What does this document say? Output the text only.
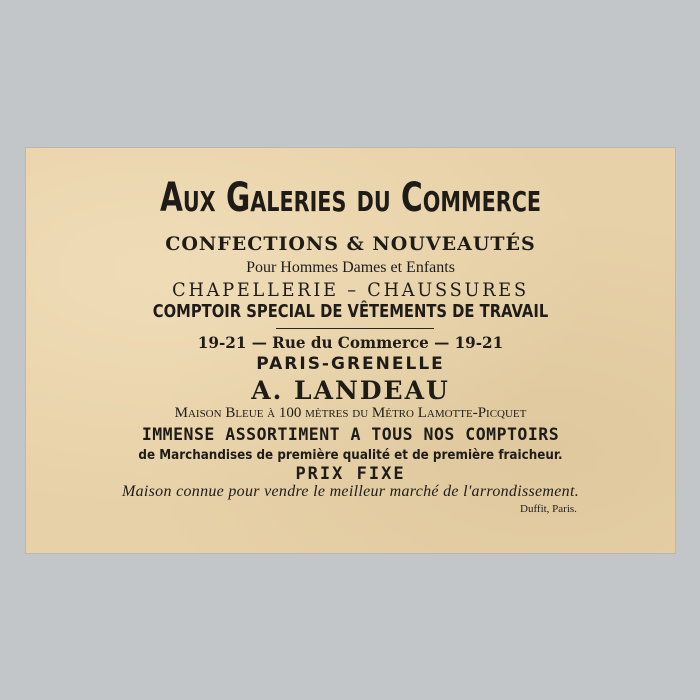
Aux Galeries du Commerce
CONFECTIONS & NOUVEAUTÉS
Pour Hommes Dames et Enfants
CHAPELLERIE – CHAUSSURES
COMPTOIR SPECIAL DE VÊTEMENTS DE TRAVAIL
19-21 — Rue du Commerce — 19-21
PARIS-GRENELLE
A. LANDEAU
Maison Bleue à 100 mètres du Métro Lamotte-Picquet
IMMENSE ASSORTIMENT A TOUS NOS COMPTOIRS
de Marchandises de première qualité et de première fraicheur.
PRIX FIXE
Maison connue pour vendre le meilleur marché de l'arrondissement.
Duffit, Paris.
